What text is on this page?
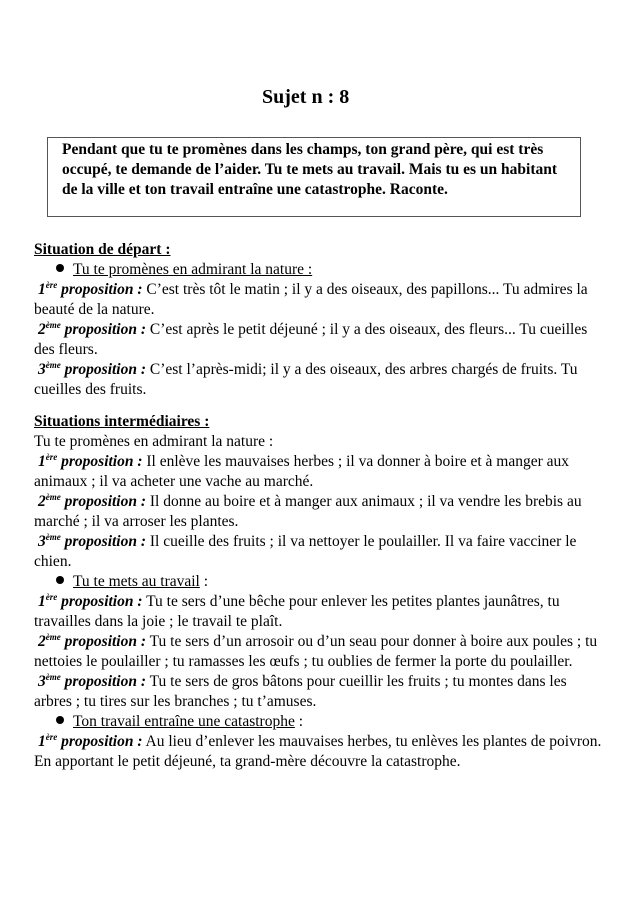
Sujet n : 8
Pendant que tu te promènes dans les champs, ton grand père, qui est très occupé, te demande de l’aider. Tu te mets au travail. Mais tu es un habitant de la ville et ton travail entraîne une catastrophe. Raconte.

Situation de départ :

Tu te promènes en admirant la nature :

1ère proposition : C’est très tôt le matin ; il y a des oiseaux, des papillons... Tu admires la beauté de la nature.

2ème proposition : C’est après le petit déjeuné ; il y a des oiseaux, des fleurs... Tu cueilles des fleurs.

3ème proposition : C’est l’après-midi; il y a des oiseaux, des arbres chargés de fruits. Tu cueilles des fruits.

Situations intermédiaires :

Tu te promènes en admirant la nature :

1ère proposition : Il enlève les mauvaises herbes ; il va donner à boire et à manger aux animaux ; il va acheter une vache au marché.

2ème proposition : Il donne au boire et à manger aux animaux ; il va vendre les brebis au marché ; il va arroser les plantes.

3ème proposition : Il cueille des fruits ; il va nettoyer le poulailler. Il va faire vacciner le chien.

Tu te mets au travail :

1ère proposition : Tu te sers d’une bêche pour enlever les petites plantes jaunâtres, tu travailles dans la joie ; le travail te plaît.

2ème proposition : Tu te sers d’un arrosoir ou d’un seau pour donner à boire aux poules ; tu nettoies le poulailler ; tu ramasses les œufs ; tu oublies de fermer la porte du poulailler.

3ème proposition : Tu te sers de gros bâtons pour cueillir les fruits ; tu montes dans les arbres ; tu tires sur les branches ; tu t’amuses.

Ton travail entraîne une catastrophe :

1ère proposition : Au lieu d’enlever les mauvaises herbes, tu enlèves les plantes de poivron. En apportant le petit déjeuné, ta grand-mère découvre la catastrophe.
